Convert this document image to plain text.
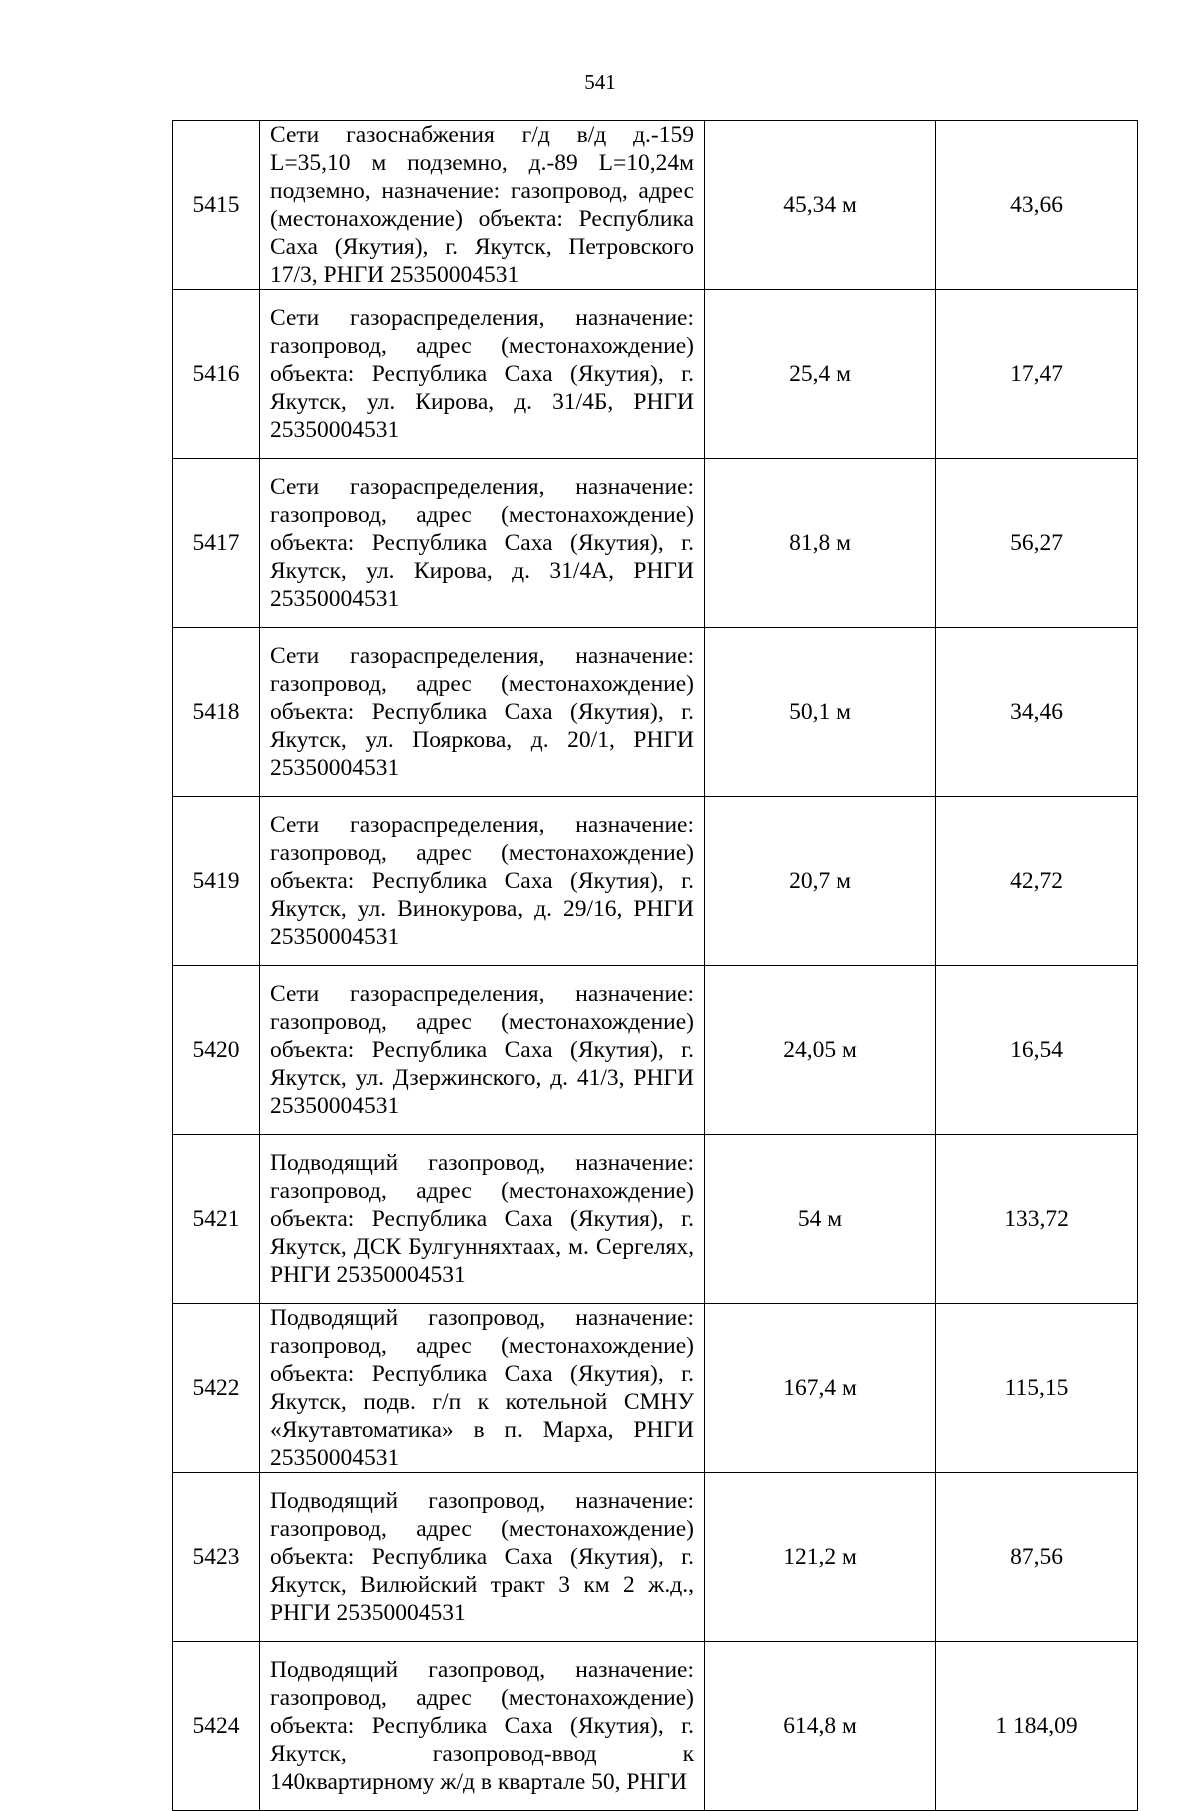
541
5415	Сети газоснабжения г/д в/д д.-159 L=35,10 м подземно, д.-89 L=10,24м подземно, назначение: газопровод, адрес (местонахождение) объекта: Республика Саха (Якутия), г. Якутск, Петровского 17/3, РНГИ 25350004531	45,34 м	43,66
5416	Сети газораспределения, назначение: газопровод, адрес (местонахождение) объекта: Республика Саха (Якутия), г. Якутск, ул. Кирова, д. 31/4Б, РНГИ 25350004531	25,4 м	17,47
5417	Сети газораспределения, назначение: газопровод, адрес (местонахождение) объекта: Республика Саха (Якутия), г. Якутск, ул. Кирова, д. 31/4А, РНГИ 25350004531	81,8 м	56,27
5418	Сети газораспределения, назначение: газопровод, адрес (местонахождение) объекта: Республика Саха (Якутия), г. Якутск, ул. Пояркова, д. 20/1, РНГИ 25350004531	50,1 м	34,46
5419	Сети газораспределения, назначение: газопровод, адрес (местонахождение) объекта: Республика Саха (Якутия), г. Якутск, ул. Винокурова, д. 29/16, РНГИ 25350004531	20,7 м	42,72
5420	Сети газораспределения, назначение: газопровод, адрес (местонахождение) объекта: Республика Саха (Якутия), г. Якутск, ул. Дзержинского, д. 41/3, РНГИ 25350004531	24,05 м	16,54
5421	Подводящий газопровод, назначение: газопровод, адрес (местонахождение) объекта: Республика Саха (Якутия), г. Якутск, ДСК Булгунняхтаах, м. Сергелях, РНГИ 25350004531	54 м	133,72
5422	Подводящий газопровод, назначение: газопровод, адрес (местонахождение) объекта: Республика Саха (Якутия), г. Якутск, подв. г/п к котельной СМНУ «Якутавтоматика» в п. Марха, РНГИ 25350004531	167,4 м	115,15
5423	Подводящий газопровод, назначение: газопровод, адрес (местонахождение) объекта: Республика Саха (Якутия), г. Якутск, Вилюйский тракт 3 км 2 ж.д., РНГИ 25350004531	121,2 м	87,56
5424	Подводящий газопровод, назначение: газопровод, адрес (местонахождение) объекта: Республика Саха (Якутия), г. Якутск, газопровод-ввод к 140квартирному ж/д в квартале 50, РНГИ	614,8 м	1 184,09
